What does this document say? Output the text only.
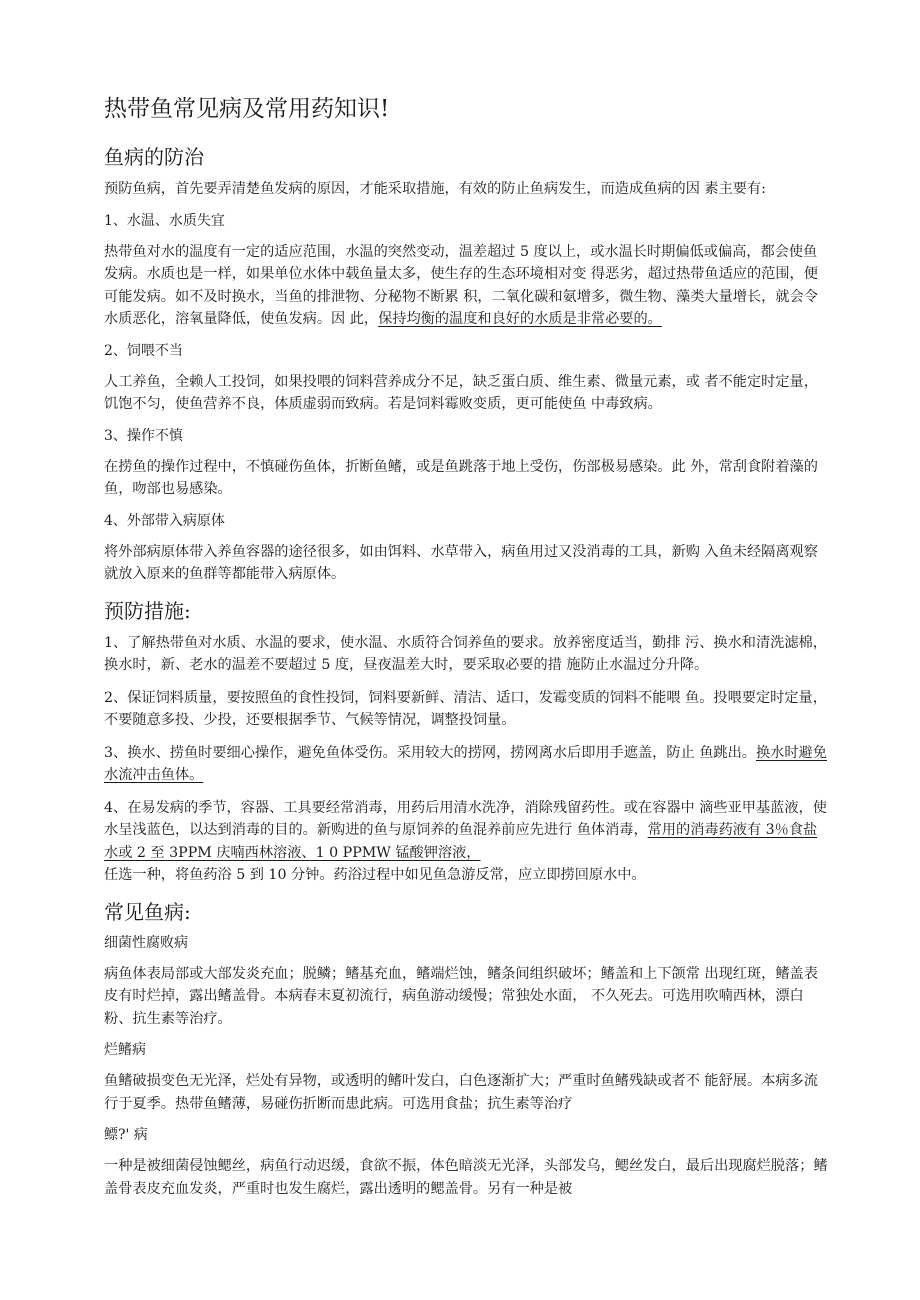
热带鱼常见病及常用药知识!
鱼病的防治

预防鱼病，首先要弄清楚鱼发病的原因，才能采取措施，有效的防止鱼病发生，而造成鱼病的因 素主要有:

1、水温、水质失宜

热带鱼对水的温度有一定的适应范围，水温的突然变动，温差超过 5 度以上，或水温长时期偏低或偏高，都会使鱼发病。水质也是一样，如果单位水体中载鱼量太多，使生存的生态环境相对变 得恶劣，超过热带鱼适应的范围，便可能发病。如不及时换水，当鱼的排泄物、分秘物不断累 积，二氧化碳和氨增多，微生物、藻类大量增长，就会令水质恶化，溶氧量降低，使鱼发病。因 此，保持均衡的温度和良好的水质是非常必要的。

2、饲喂不当

人工养鱼，全赖人工投饲，如果投喂的饲料营养成分不足，缺乏蛋白质、维生素、微量元素，或 者不能定时定量，饥饱不匀，使鱼营养不良，体质虚弱而致病。若是饲料霉败变质，更可能使鱼 中毒致病。

3、操作不慎

在捞鱼的操作过程中，不慎碰伤鱼体，折断鱼鳍，或是鱼跳落于地上受伤，伤部极易感染。此 外，常刮食附着藻的鱼，吻部也易感染。

4、外部带入病原体

将外部病原体带入养鱼容器的途径很多，如由饵料、水草带入，病鱼用过又没消毒的工具，新购 入鱼未经隔离观察就放入原来的鱼群等都能带入病原体。

预防措施:

1、了解热带鱼对水质、水温的要求，使水温、水质符合饲养鱼的要求。放养密度适当，勤排 污、换水和清洗滤棉，换水时，新、老水的温差不要超过 5 度，昼夜温差大时，要采取必要的措 施防止水温过分升降。

2、保证饲料质量，要按照鱼的食性投饲，饲料要新鲜、清洁、适口，发霉变质的饲料不能喂 鱼。投喂要定时定量，不要随意多投、少投，还要根据季节、气候等情况，调整投饲量。

3、换水、捞鱼时要细心操作，避免鱼体受伤。采用较大的捞网，捞网离水后即用手遮盖，防止 鱼跳出。换水时避免水流冲击鱼体。

4、在易发病的季节，容器、工具要经常消毒，用药后用清水洗净，消除残留药性。或在容器中 滴些亚甲基蓝液，使水呈浅蓝色，以达到消毒的目的。新购进的鱼与原饲养的鱼混养前应先进行 鱼体消毒，常用的消毒药液有 3％食盐水或 2 至 3PPM 庆喃西林溶液、1 0 PPMW 锰酸钾溶液，
任选一种，将鱼药浴 5 到 10 分钟。药浴过程中如见鱼急游反常，应立即捞回原水中。

常见鱼病:
细菌性腐败病

病鱼体表局部或大部发炎充血；脱鳞；鳍基充血，鳍端烂蚀，鳍条间组织破坏；鳍盖和上下颌常 出现红斑，鳍盖表皮有时烂掉，露出鳍盖骨。本病春末夏初流行，病鱼游动缓慢；常独处水面， 不久死去。可选用吹喃西林，漂白粉、抗生素等治疗。

烂鳍病

鱼鳍破损变色无光泽，烂处有异物，或透明的鳍叶发白，白色逐渐扩大；严重时鱼鳍残缺或者不 能舒展。本病多流行于夏季。热带鱼鳍薄，易碰伤折断而患此病。可选用食盐；抗生素等治疗

鳔?' 病

一种是被细菌侵蚀鳃丝，病鱼行动迟缓，食欲不振，体色暗淡无光泽，头部发乌，鳃丝发白，最后出现腐烂脱落；鳍盖骨表皮充血发炎，严重时也发生腐烂，露出透明的鳃盖骨。另有一种是被
